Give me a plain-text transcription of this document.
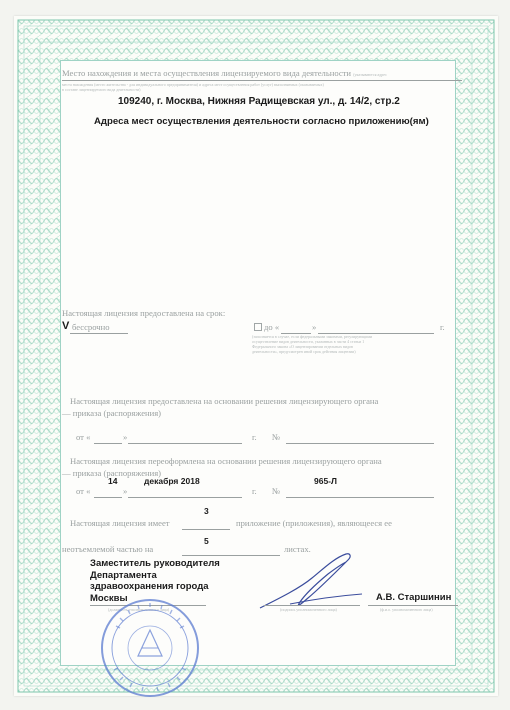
Место нахождения и места осуществления лицензируемого вида деятельности (указываются адрес
места нахождения (место жительства - для индивидуального предпринимателя) и адреса мест осуществления работ (услуг) выполняемых (оказываемых)
в составе лицензируемого вида деятельности)
109240, г. Москва, Нижняя Радищевская ул., д. 14/2, стр.2
Адреса мест осуществления деятельности согласно приложению(ям)
Настоящая лицензия предоставлена на срок:
V бессрочно	до «	»	г.
(заполняется в случае, если федеральными законами, регулирующими осуществление видов деятельности, указанных в части 4 статьи 1 Федерального закона «О лицензировании отдельных видов деятельности», предусмотрен иной срок действия лицензии)
Настоящая лицензия предоставлена на основании решения лицензирующего органа
— приказа (распоряжения)
от «	»	г. №
Настоящая лицензия переоформлена на основании решения лицензирующего органа
— приказа (распоряжения)
14	декабря 2018	965-Л
от «	»	г. №
3
Настоящая лицензия имеет	приложение (приложения), являющееся ее
5
неотъемлемой частью на	листах.
Заместитель руководителя
Департамента
здравоохранения города
Москвы
(должность уполномоченного лица)	(подпись уполномоченного лица)
А.В. Старшинин
(ф.и.о. уполномоченного лица)
